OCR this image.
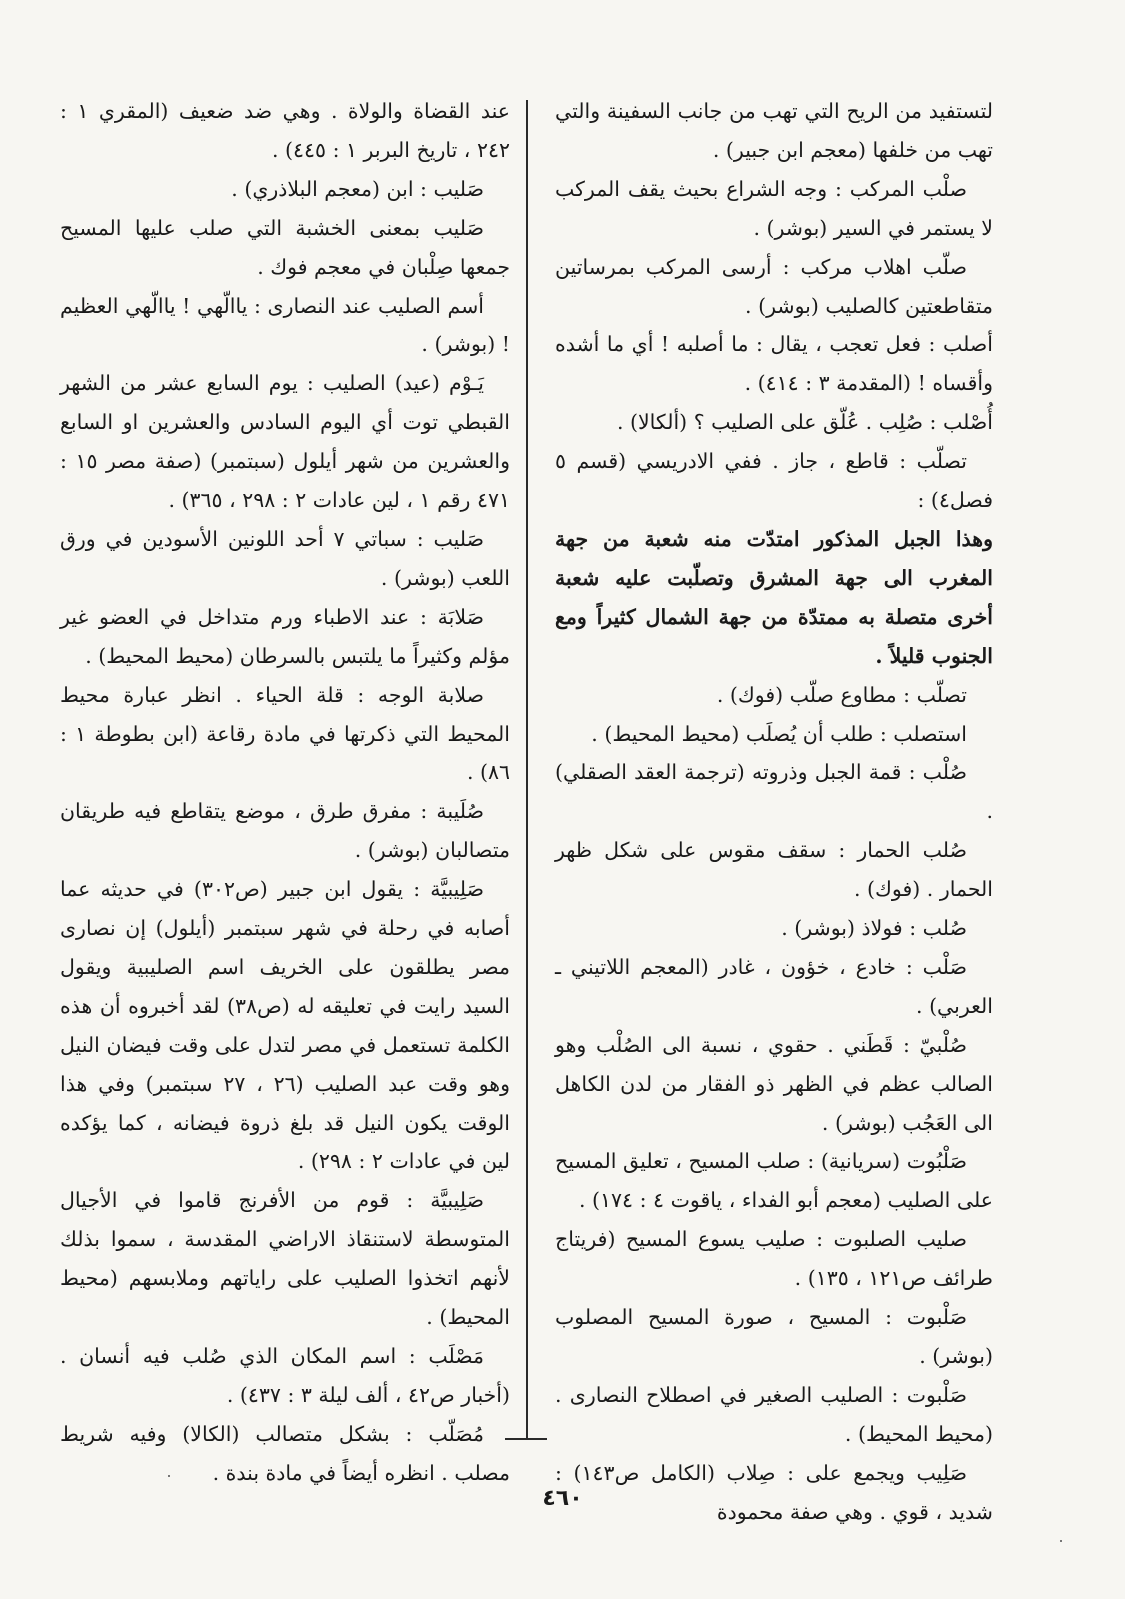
لتستفيد من الريح التي تهب من جانب السفينة والتي تهب من خلفها (معجم ابن جبير) .

صلْب المركب : وجه الشراع بحيث يقف المركب لا يستمر في السير (بوشر) .

صلّب اهلاب مركب : أرسى المركب بمرساتين متقاطعتين كالصليب (بوشر) .

أصلب : فعل تعجب ، يقال : ما أصلبه ! أي ما أشده وأقساه ! (المقدمة ٣ : ٤١٤) .

أُصْلب : صُلِب . عُلّق على الصليب ؟ (ألكالا) .

تصلّب : قاطع ، جاز . ففي الادريسي (قسم ٥ فصل٤) :

وهذا الجبل المذكور امتدّت منه شعبة من جهة المغرب الى جهة المشرق وتصلّبت عليه شعبة أخرى متصلة به ممتدّة من جهة الشمال كثيراً ومع الجنوب قليلاً .

تصلّب : مطاوع صلّب (فوك) .

استصلب : طلب أن يُصلَب (محيط المحيط) .

صُلْب : قمة الجبل وذروته (ترجمة العقد الصقلي) .

صُلب الحمار : سقف مقوس على شكل ظهر الحمار . (فوك) .

صُلب : فولاذ (بوشر) .

صَلْب : خادع ، خؤون ، غادر (المعجم اللاتيني ـ العربي) .

صُلْبيّ : قَطَني . حقوي ، نسبة الى الصُلْب وهو الصالب عظم في الظهر ذو الفقار من لدن الكاهل الى العَجُب (بوشر) .

صَلْبُوت (سريانية) : صلب المسيح ، تعليق المسيح على الصليب (معجم أبو الفداء ، ياقوت ٤ : ١٧٤) .

صليب الصلبوت : صليب يسوع المسيح (فريتاج طرائف ص١٢١ ، ١٣٥) .

صَلْبوت : المسيح ، صورة المسيح المصلوب (بوشر) .

صَلْبوت : الصليب الصغير في اصطلاح النصارى . (محيط المحيط) .

صَلِيب ويجمع على : صِلاب (الكامل ص١٤٣) : شديد ، قوي . وهي صفة محمودة

عند القضاة والولاة . وهي ضد ضعيف (المقري ١ : ٢٤٢ ، تاريخ البربر ١ : ٤٤٥) .

صَليب : ابن (معجم البلاذري) .

صَليب بمعنى الخشبة التي صلب عليها المسيح جمعها صِلْبان في معجم فوك .

أسم الصليب عند النصارى : ياالّهي ! ياالّهي العظيم ! (بوشر) .

يَـوْم (عيد) الصليب : يوم السابع عشر من الشهر القبطي توت أي اليوم السادس والعشرين او السابع والعشرين من شهر أيلول (سبتمبر) (صفة مصر ١٥ : ٤٧١ رقم ١ ، لين عادات ٢ : ٢٩٨ ، ٣٦٥) .

صَليب : سباتي ٧ أحد اللونين الأسودين في ورق اللعب (بوشر) .

صَلابَة : عند الاطباء ورم متداخل في العضو غير مؤلم وكثيراً ما يلتبس بالسرطان (محيط المحيط) .

صلابة الوجه : قلة الحياء . انظر عبارة محيط المحيط التي ذكرتها في مادة رقاعة (ابن بطوطة ١ : ٨٦) .

صُلَيبة : مفرق طرق ، موضع يتقاطع فيه طريقان متصالبان (بوشر) .

صَلِيبيَّة : يقول ابن جبير (ص٣٠٢) في حديثه عما أصابه في رحلة في شهر سبتمبر (أيلول) إن نصارى مصر يطلقون على الخريف اسم الصليبية ويقول السيد رايت في تعليقه له (ص٣٨) لقد أخبروه أن هذه الكلمة تستعمل في مصر لتدل على وقت فيضان النيل وهو وقت عبد الصليب (٢٦ ، ٢٧ سبتمبر) وفي هذا الوقت يكون النيل قد بلغ ذروة فيضانه ، كما يؤكده لين في عادات ٢ : ٢٩٨) .

صَلِيبيَّة : قوم من الأفرنج قاموا في الأجيال المتوسطة لاستنقاذ الاراضي المقدسة ، سموا بذلك لأنهم اتخذوا الصليب على راياتهم وملابسهم (محيط المحيط) .

مَصْلَب : اسم المكان الذي صُلب فيه أنسان . (أخبار ص٤٢ ، ألف ليلة ٣ : ٤٣٧) .

مُصَلّب : بشكل متصالب (الكالا) وفيه شريط مصلب . انظره أيضاً في مادة بندة .

٤٦٠
